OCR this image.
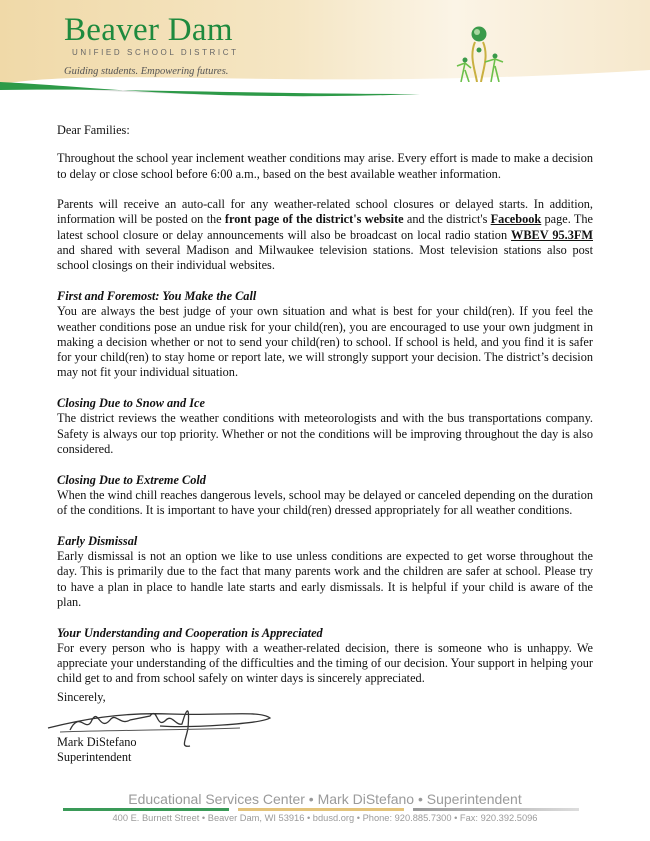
Beaver Dam
UNIFIED SCHOOL DISTRICT
Guiding students. Empowering futures.

Dear Families:

Throughout the school year inclement weather conditions may arise. Every effort is made to make a decision to delay or close school before 6:00 a.m., based on the best available weather information.

Parents will receive an auto-call for any weather-related school closures or delayed starts. In addition, information will be posted on the front page of the district's website and the district's Facebook page. The latest school closure or delay announcements will also be broadcast on local radio station WBEV 95.3FM and shared with several Madison and Milwaukee television stations. Most television stations also post school closings on their individual websites.

First and Foremost: You Make the Call

You are always the best judge of your own situation and what is best for your child(ren). If you feel the weather conditions pose an undue risk for your child(ren), you are encouraged to use your own judgment in making a decision whether or not to send your child(ren) to school. If school is held, and you find it is safer for your child(ren) to stay home or report late, we will strongly support your decision. The district’s decision may not fit your individual situation.

Closing Due to Snow and Ice

The district reviews the weather conditions with meteorologists and with the bus transportations company. Safety is always our top priority. Whether or not the conditions will be improving throughout the day is also considered.

Closing Due to Extreme Cold

When the wind chill reaches dangerous levels, school may be delayed or canceled depending on the duration of the conditions. It is important to have your child(ren) dressed appropriately for all weather conditions.

Early Dismissal

Early dismissal is not an option we like to use unless conditions are expected to get worse throughout the day. This is primarily due to the fact that many parents work and the children are safer at school. Please try to have a plan in place to handle late starts and early dismissals. It is helpful if your child is aware of the plan.

Your Understanding and Cooperation is Appreciated

For every person who is happy with a weather-related decision, there is someone who is unhappy. We appreciate your understanding of the difficulties and the timing of our decision. Your support in helping your child get to and from school safely on winter days is sincerely appreciated.

Sincerely,
Mark DiStefano
Superintendent
Educational Services Center • Mark DiStefano • Superintendent
400 E. Burnett Street • Beaver Dam, WI 53916 • bdusd.org • Phone: 920.885.7300 • Fax: 920.392.5096
